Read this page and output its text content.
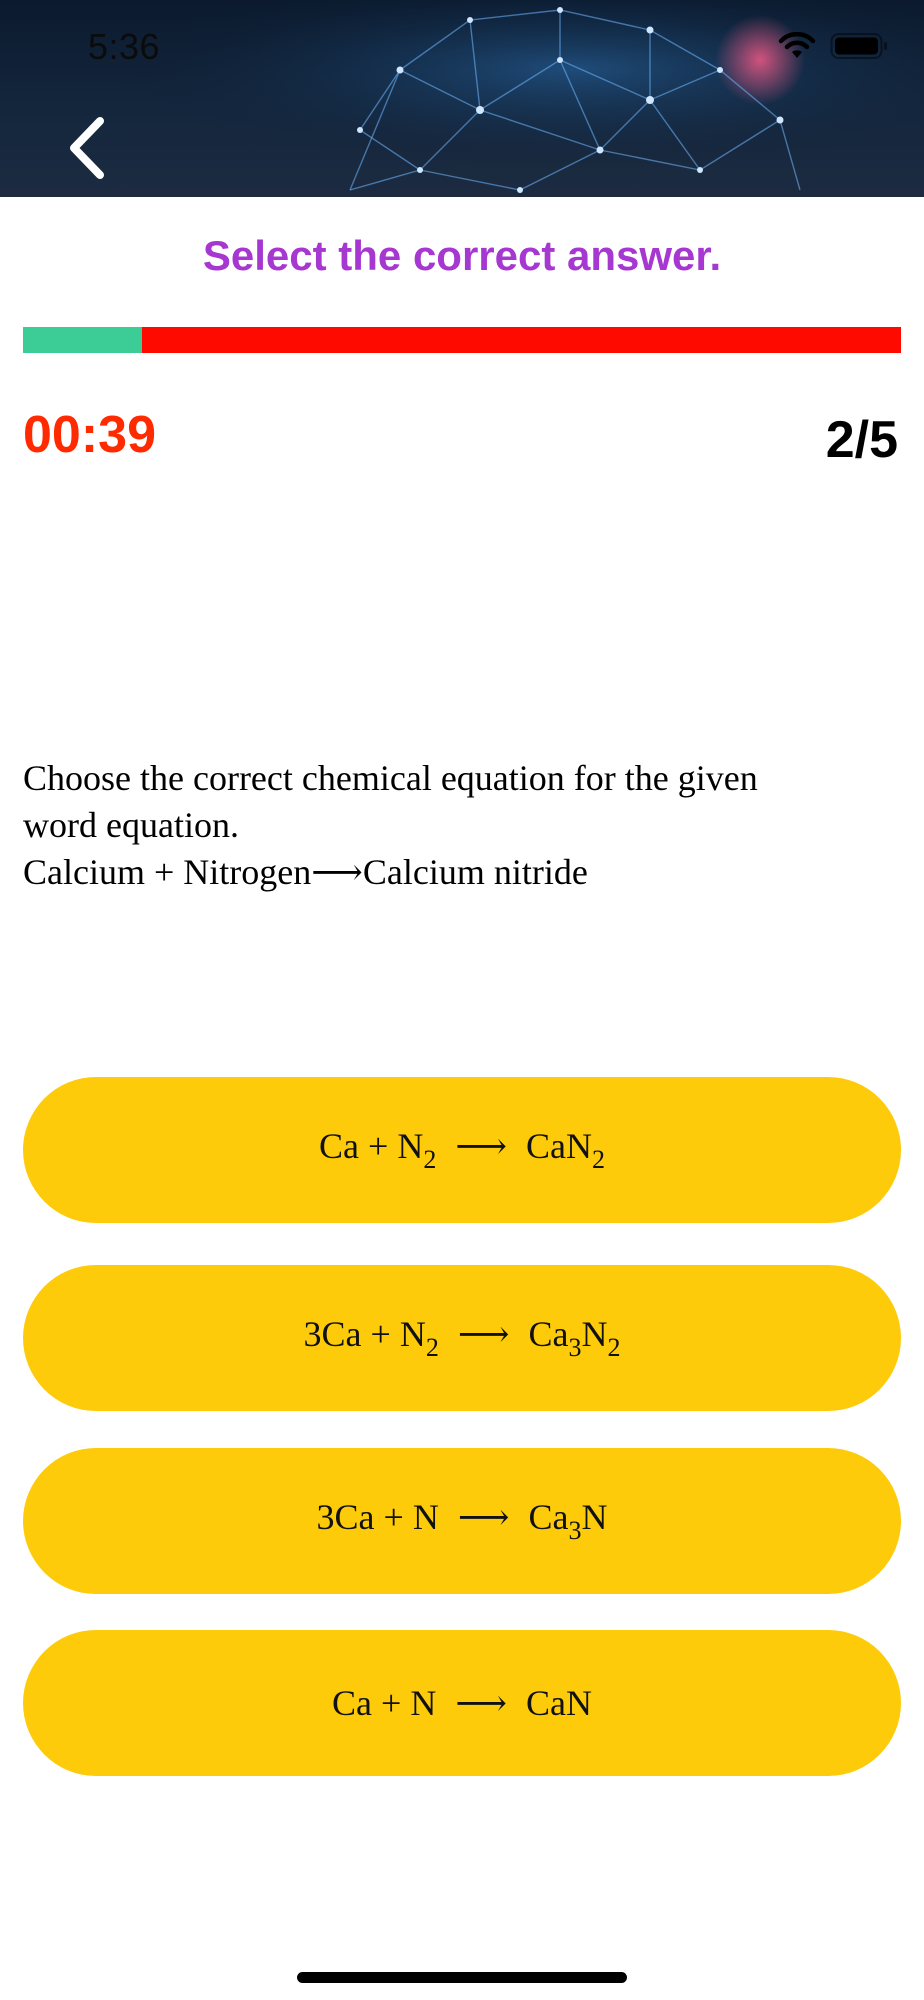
5:36
Select the correct answer.
00:39	2/5
Choose the correct chemical equation for the given
word equation.
Calcium + Nitrogen⟶Calcium nitride
$Ca + N_2$ ⟶ CaN$_2$
$3Ca + N_2$ ⟶ $Ca_3N_2$
3Ca + N ⟶ $Ca_3N$
Ca + N ⟶ CaN
